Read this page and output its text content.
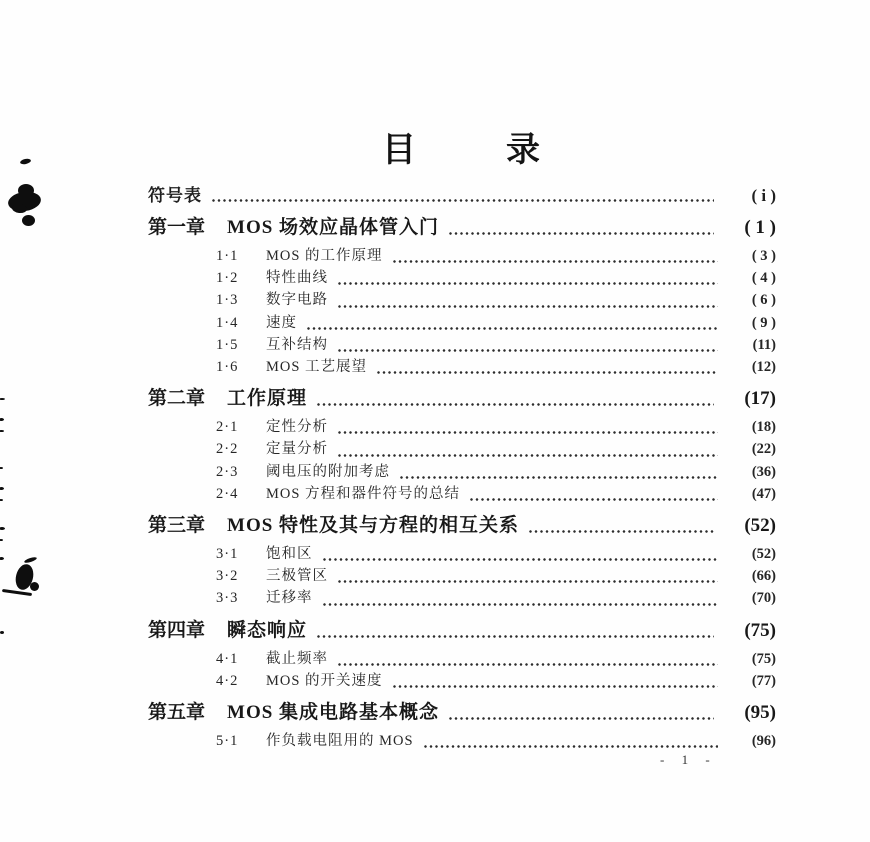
目	录
符号表	( i )
第一章 MOS 场效应晶体管入门	( 1 )
1·1	MOS 的工作原理	( 3 )
1·2	特性曲线	( 4 )
1·3	数字电路	( 6 )
1·4	速度	( 9 )
1·5	互补结构	(11)
1·6	MOS 工艺展望	(12)
第二章 工作原理	(17)
2·1	定性分析	(18)
2·2	定量分析	(22)
2·3	阈电压的附加考虑	(36)
2·4	MOS 方程和器件符号的总结	(47)
第三章 MOS 特性及其与方程的相互关系	(52)
3·1	饱和区	(52)
3·2	三极管区	(66)
3·3	迁移率	(70)
第四章 瞬态响应	(75)
4·1	截止频率	(75)
4·2	MOS 的开关速度	(77)
第五章 MOS 集成电路基本概念	(95)
5·1	作负载电阻用的 MOS	(96)
- 1 -
